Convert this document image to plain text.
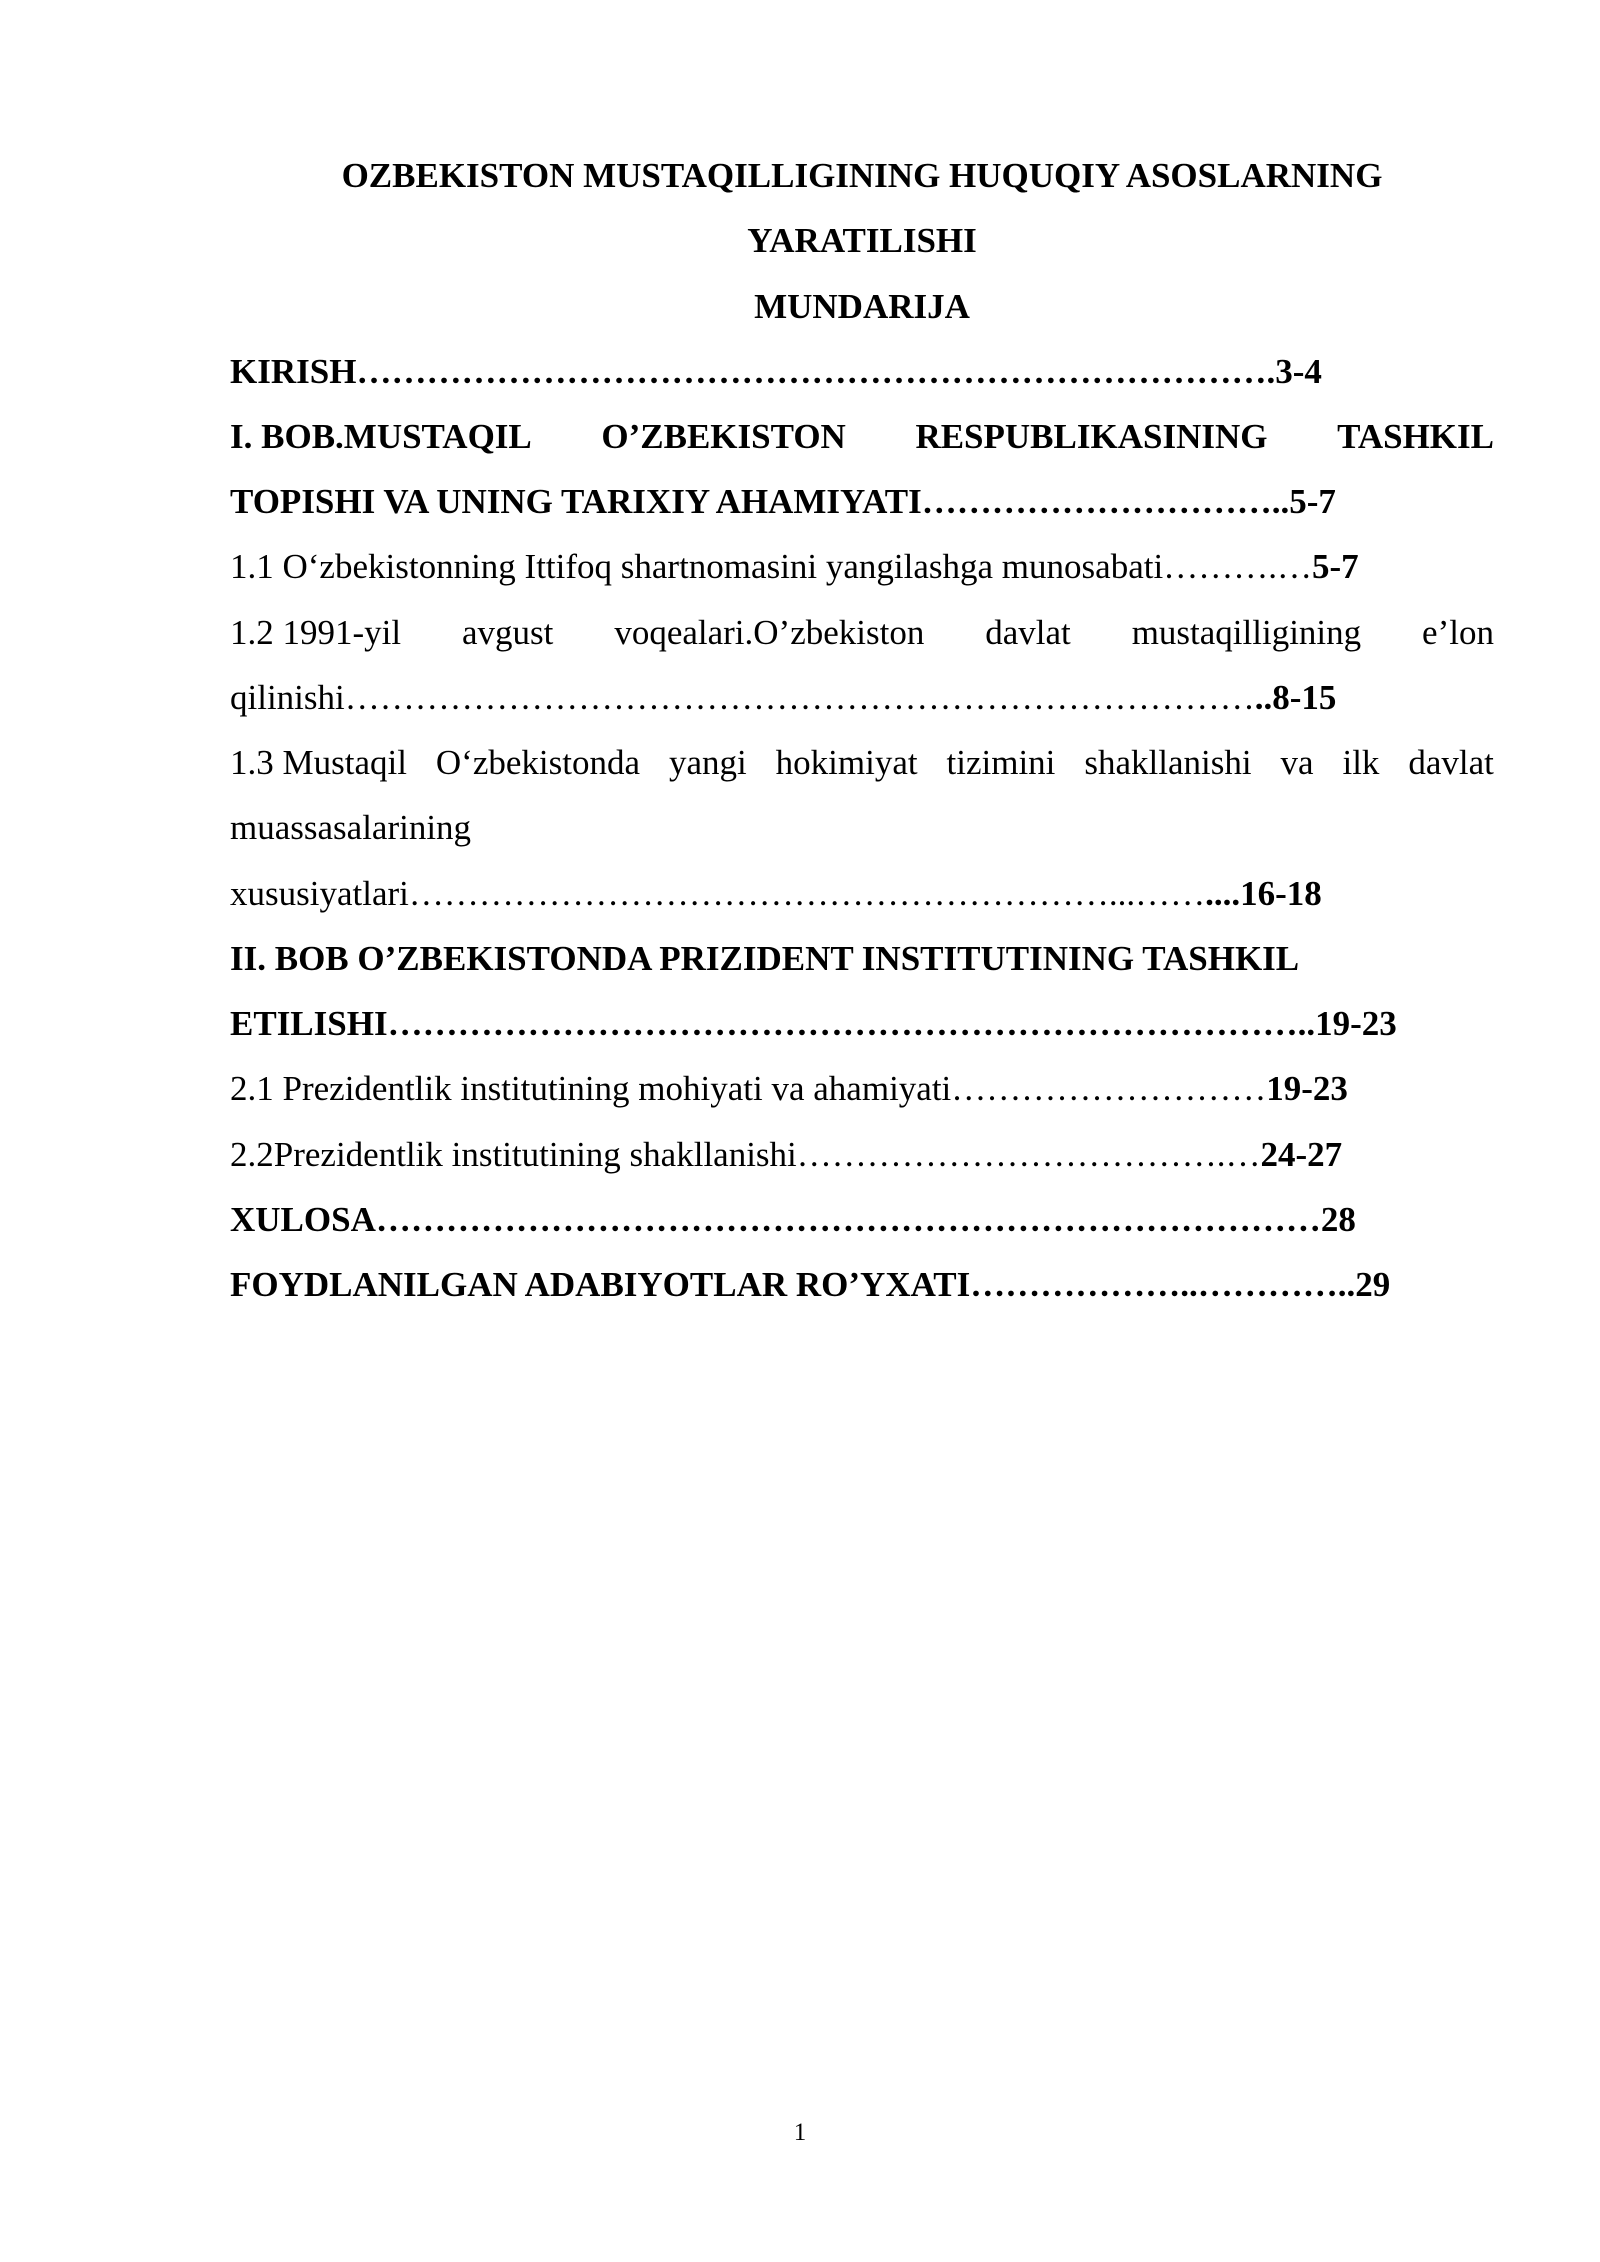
OZBEKISTON MUSTAQILLIGINING HUQUQIY ASOSLARNING
YARATILISHI
MUNDARIJA
KIRISH…………………………………………………………………….3-4
I. BOB.MUSTAQIL O’ZBEKISTON RESPUBLIKASINING TASHKIL
TOPISHI VA UNING TARIXIY AHAMIYATI…………………………..5-7
1.1 O‘zbekistonning Ittifoq shartnomasini yangilashga munosabati……….…5-7
1.2 1991-yil avgust voqealari.O’zbekiston davlat mustaqilligining e’lon
qilinishi……………………………………………………………………..8-15
1.3 Mustaqil O‘zbekistonda yangi hokimiyat tizimini shakllanishi va ilk davlat
muassasalarining
xususiyatlari……………………………………………………...……....16-18
II. BOB O’ZBEKISTONDA PRIZIDENT INSTITUTINING TASHKIL
ETILISHI……………………………………………………………………..19-23
2.1 Prezidentlik institutining mohiyati va ahamiyati………………………19-23
2.2Prezidentlik institutining shakllanishi……………………………….…24-27
XULOSA………………………………………………………………………28
FOYDLANILGAN ADABIYOTLAR RO’YXATI………………..…………..29
1
